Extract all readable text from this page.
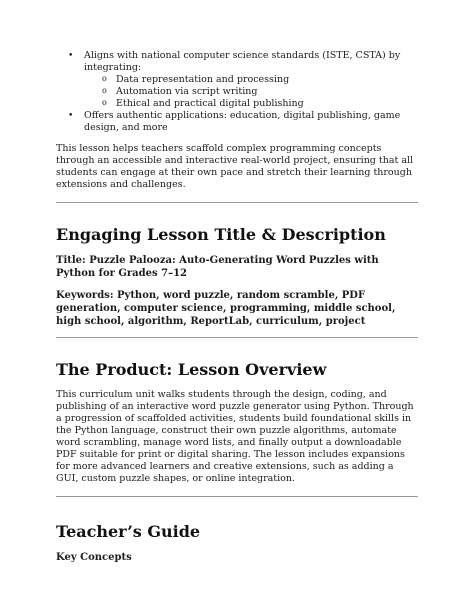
• Aligns with national computer science standards (ISTE, CSTA) by integrating:
o Data representation and processing
o Automation via script writing
o Ethical and practical digital publishing
• Offers authentic applications: education, digital publishing, game design, and more

This lesson helps teachers scaffold complex programming concepts through an accessible and interactive real-world project, ensuring that all students can engage at their own pace and stretch their learning through extensions and challenges.

Engaging Lesson Title & Description

Title: Puzzle Palooza: Auto-Generating Word Puzzles with Python for Grades 7–12

Keywords: Python, word puzzle, random scramble, PDF generation, computer science, programming, middle school, high school, algorithm, ReportLab, curriculum, project

The Product: Lesson Overview

This curriculum unit walks students through the design, coding, and publishing of an interactive word puzzle generator using Python. Through a progression of scaffolded activities, students build foundational skills in the Python language, construct their own puzzle algorithms, automate word scrambling, manage word lists, and finally output a downloadable PDF suitable for print or digital sharing. The lesson includes expansions for more advanced learners and creative extensions, such as adding a GUI, custom puzzle shapes, or online integration.

Teacher’s Guide
Key Concepts
